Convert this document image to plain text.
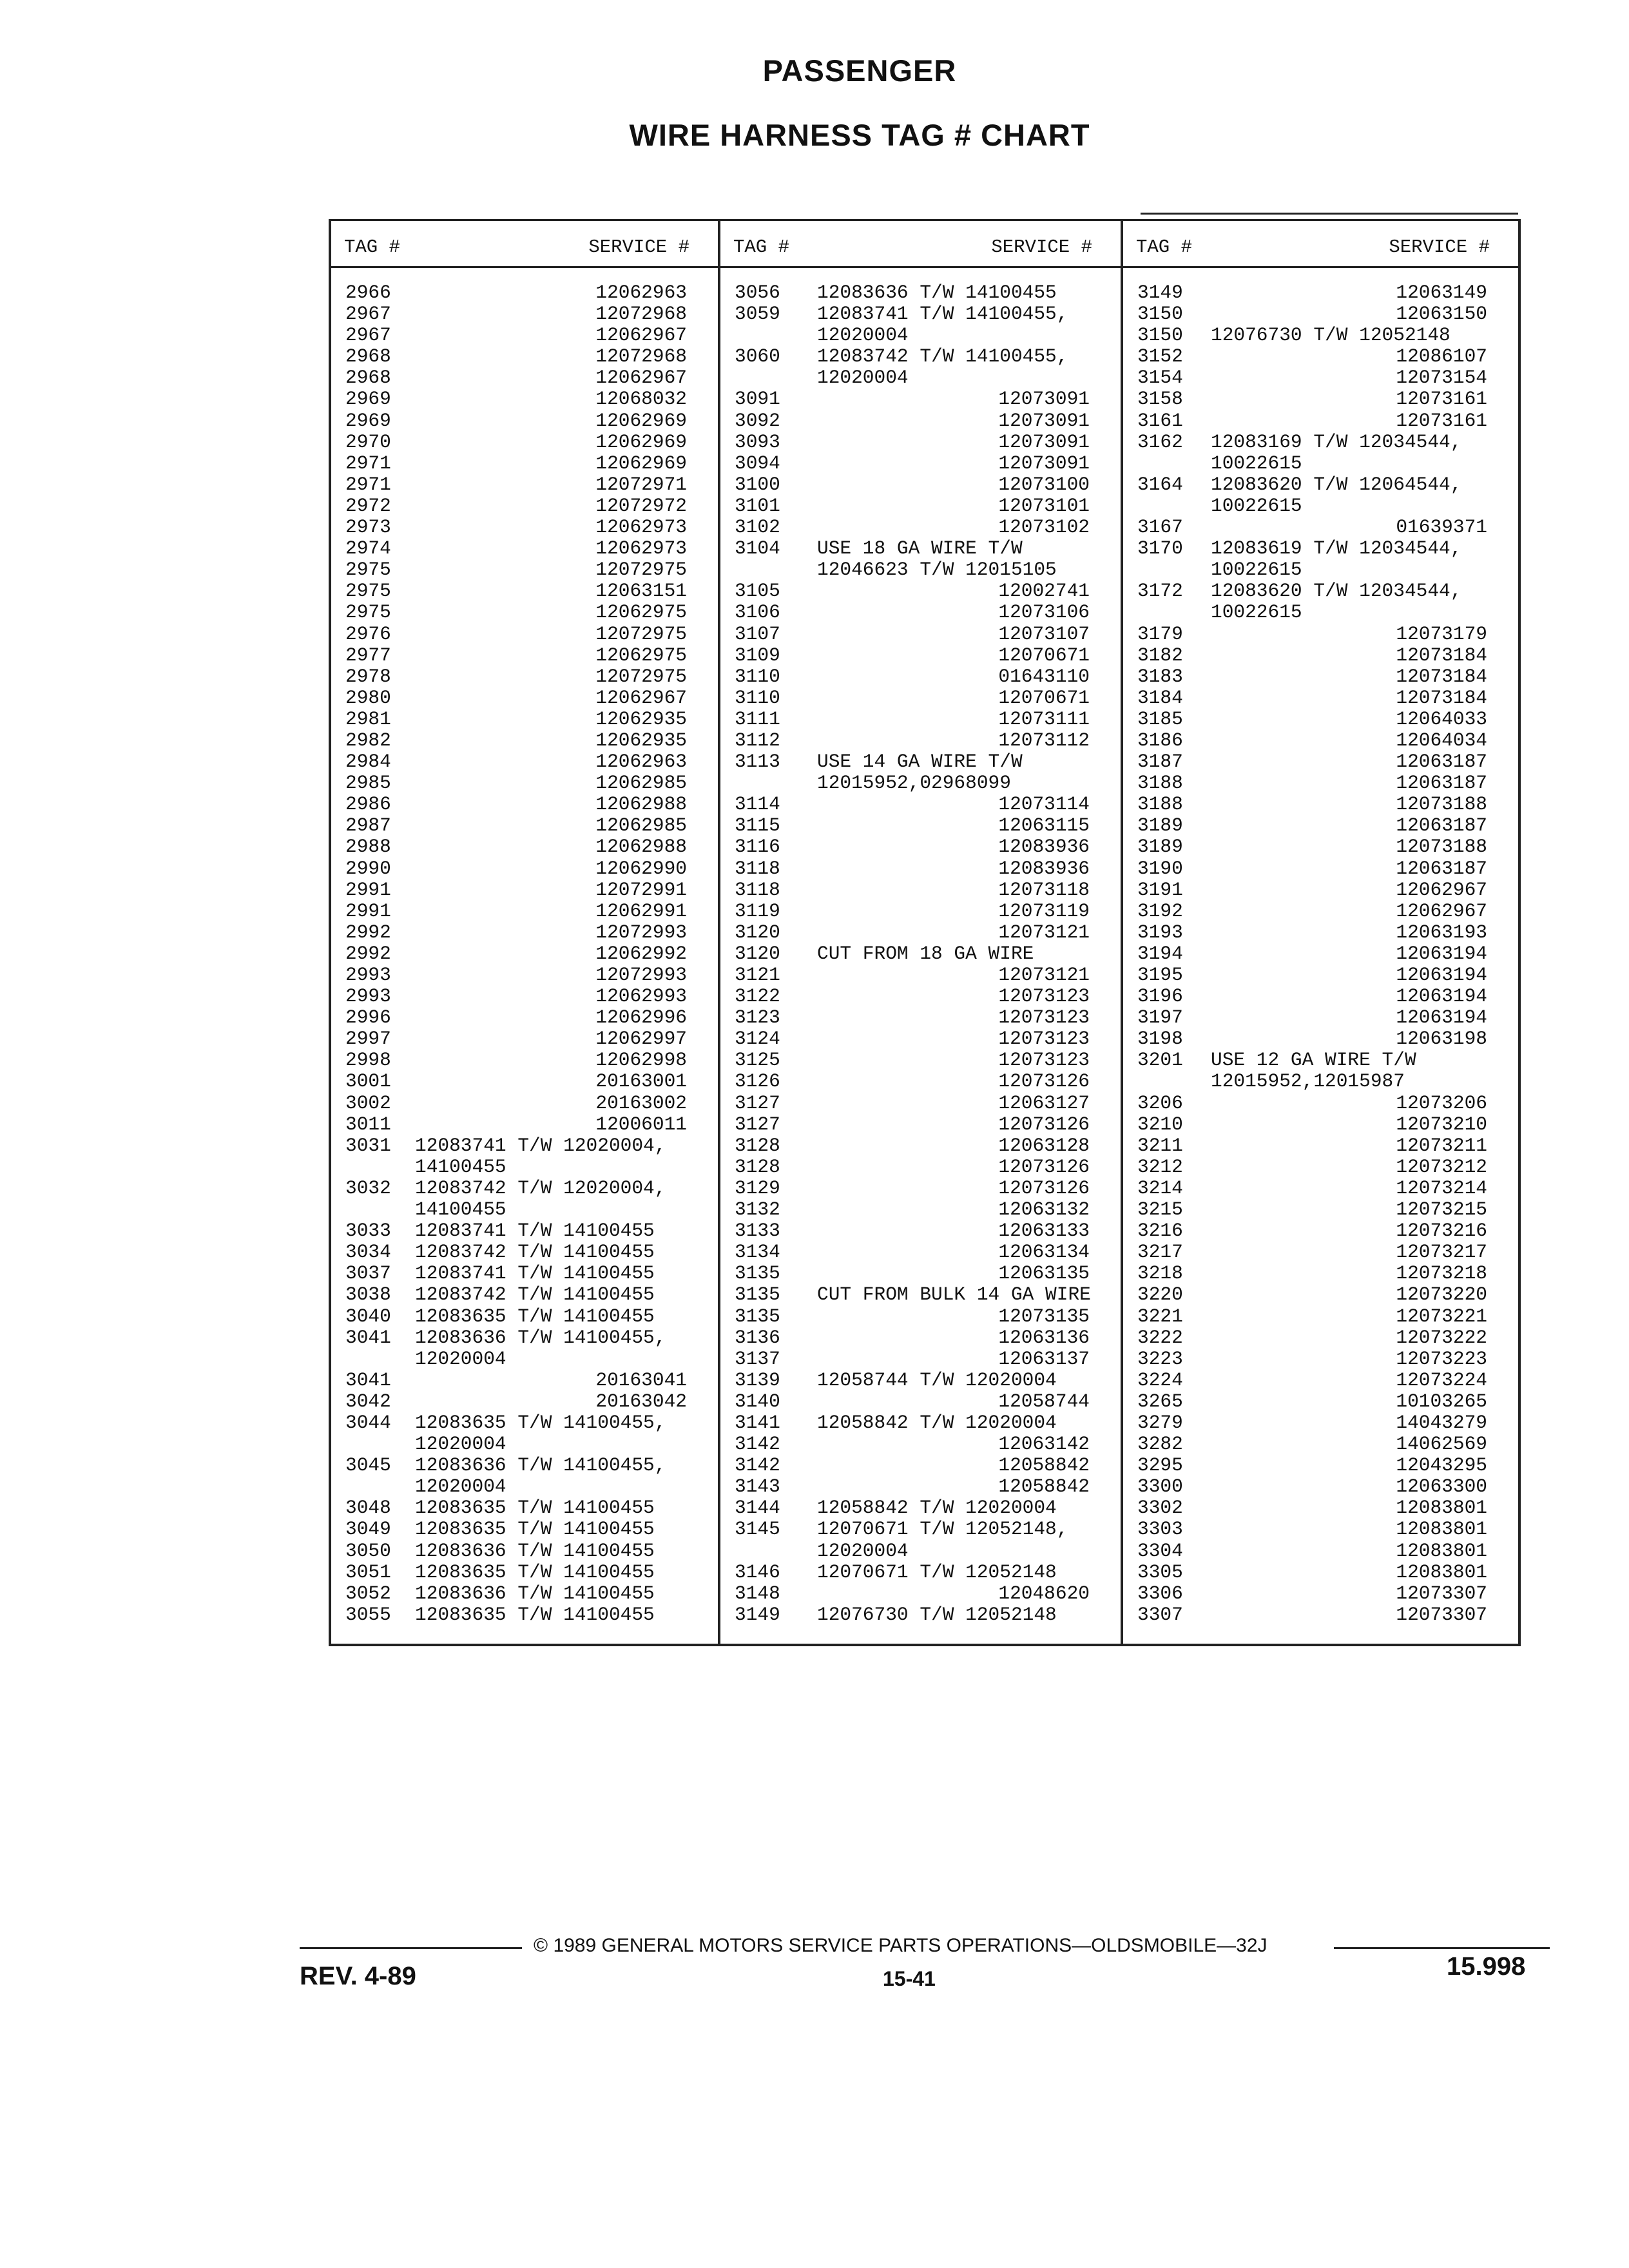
PASSENGER
WIRE HARNESS TAG # CHART
TAG #	SERVICE #
2966	12062963
2967	12072968
2967	12062967
2968	12072968
2968	12062967
2969	12068032
2969	12062969
2970	12062969
2971	12062969
2971	12072971
2972	12072972
2973	12062973
2974	12062973
2975	12072975
2975	12063151
2975	12062975
2976	12072975
2977	12062975
2978	12072975
2980	12062967
2981	12062935
2982	12062935
2984	12062963
2985	12062985
2986	12062988
2987	12062985
2988	12062988
2990	12062990
2991	12072991
2991	12062991
2992	12072993
2992	12062992
2993	12072993
2993	12062993
2996	12062996
2997	12062997
2998	12062998
3001	20163001
3002	20163002
3011	12006011
3031 12083741 T/W 12020004,
14100455
3032 12083742 T/W 12020004,
14100455
3033 12083741 T/W 14100455
3034 12083742 T/W 14100455
3037 12083741 T/W 14100455
3038 12083742 T/W 14100455
3040 12083635 T/W 14100455
3041 12083636 T/W 14100455,
12020004
3041	20163041
3042	20163042
3044 12083635 T/W 14100455,
12020004
3045 12083636 T/W 14100455,
12020004
3048 12083635 T/W 14100455
3049 12083635 T/W 14100455
3050 12083636 T/W 14100455
3051 12083635 T/W 14100455
3052 12083636 T/W 14100455
3055 12083635 T/W 14100455
TAG #	SERVICE #
3056 12083636 T/W 14100455
3059 12083741 T/W 14100455,
12020004
3060 12083742 T/W 14100455,
12020004
3091	12073091
3092	12073091
3093	12073091
3094	12073091
3100	12073100
3101	12073101
3102	12073102
3104 USE 18 GA WIRE T/W
12046623 T/W 12015105
3105	12002741
3106	12073106
3107	12073107
3109	12070671
3110	01643110
3110	12070671
3111	12073111
3112	12073112
3113 USE 14 GA WIRE T/W
12015952,02968099
3114	12073114
3115	12063115
3116	12083936
3118	12083936
3118	12073118
3119	12073119
3120	12073121
3120 CUT FROM 18 GA WIRE
3121	12073121
3122	12073123
3123	12073123
3124	12073123
3125	12073123
3126	12073126
3127	12063127
3127	12073126
3128	12063128
3128	12073126
3129	12073126
3132	12063132
3133	12063133
3134	12063134
3135	12063135
3135 CUT FROM BULK 14 GA WIRE
3135	12073135
3136	12063136
3137	12063137
3139 12058744 T/W 12020004
3140	12058744
3141 12058842 T/W 12020004
3142	12063142
3142	12058842
3143	12058842
3144 12058842 T/W 12020004
3145 12070671 T/W 12052148,
12020004
3146 12070671 T/W 12052148
3148	12048620
3149 12076730 T/W 12052148
TAG #	SERVICE #
3149	12063149
3150	12063150
3150 12076730 T/W 12052148
3152	12086107
3154	12073154
3158	12073161
3161	12073161
3162 12083169 T/W 12034544,
10022615
3164 12083620 T/W 12064544,
10022615
3167	01639371
3170 12083619 T/W 12034544,
10022615
3172 12083620 T/W 12034544,
10022615
3179	12073179
3182	12073184
3183	12073184
3184	12073184
3185	12064033
3186	12064034
3187	12063187
3188	12063187
3188	12073188
3189	12063187
3189	12073188
3190	12063187
3191	12062967
3192	12062967
3193	12063193
3194	12063194
3195	12063194
3196	12063194
3197	12063194
3198	12063198
3201 USE 12 GA WIRE T/W
12015952,12015987
3206	12073206
3210	12073210
3211	12073211
3212	12073212
3214	12073214
3215	12073215
3216	12073216
3217	12073217
3218	12073218
3220	12073220
3221	12073221
3222	12073222
3223	12073223
3224	12073224
3265	10103265
3279	14043279
3282	14062569
3295	12043295
3300	12063300
3302	12083801
3303	12083801
3304	12083801
3305	12083801
3306	12073307
3307	12073307
© 1989 GENERAL MOTORS SERVICE PARTS OPERATIONS—OLDSMOBILE—32J
15-41
REV. 4-89	15.998
